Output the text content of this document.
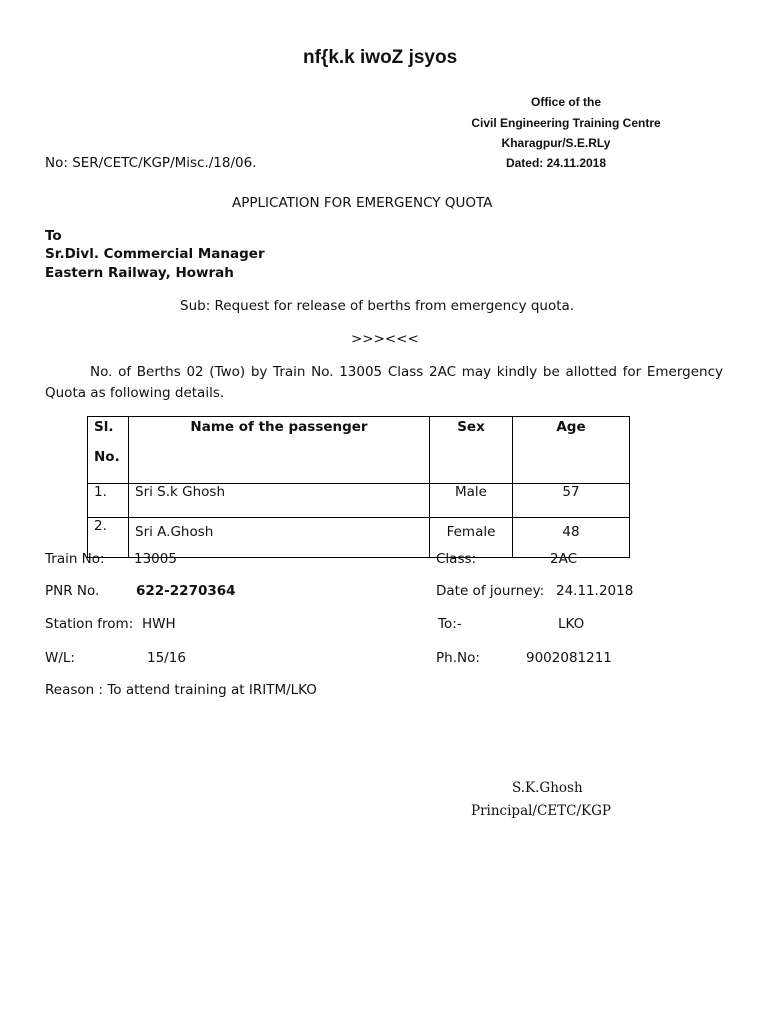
nf{k.k iwoZ jsyos
Office of the
Civil Engineering Training Centre
Kharagpur/S.E.RLy
Dated: 24.11.2018
No: SER/CETC/KGP/Misc./18/06.
APPLICATION FOR EMERGENCY QUOTA
To
Sr.Divl. Commercial Manager
Eastern Railway, Howrah
Sub: Request for release of berths from emergency quota.
>>><<<
No. of Berths 02 (Two) by Train No. 13005 Class 2AC may kindly be allotted for Emergency Quota as following details.
Sl.
No.	Name of the passenger	Sex	Age
1.	Sri S.k Ghosh	Male	57
2.	Sri A.Ghosh	Female	48
Train No: 13005	Class:	2AC
PNR No.	622-2270364	Date of journey: 24.11.2018
Station from: HWH	To:-	LKO
W/L:	15/16	Ph.No:	9002081211
Reason : To attend training at IRITM/LKO
S.K.Ghosh
Principal/CETC/KGP
